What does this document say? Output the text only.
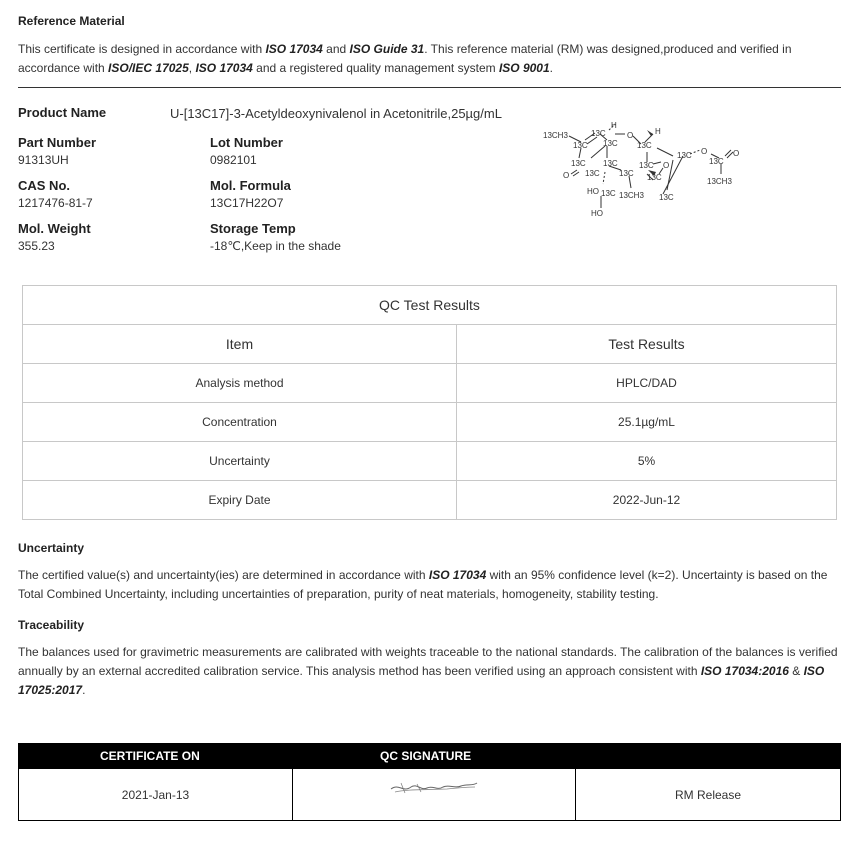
Reference Material
This certificate is designed in accordance with ISO 17034 and ISO Guide 31. This reference material (RM) was designed,produced and verified in
accordance with ISO/IEC 17025, ISO 17034 and a registered quality management system ISO 9001.
Product Name	U-[13C17]-3-Acetyldeoxynivalenol in Acetonitrile,25µg/mL
Part Number
91313UH
Lot Number
0982101
CAS No.
1217476-81-7
Mol. Formula
13C17H22O7
Mol. Weight
355.23
Storage Temp
-18℃,Keep in the shade
13CH3
13C
13C
H
O
13C
H
13C
13C
13C
13C
13C
13C O
13C
HO	13CH3
13C	13C
HO
O
13C O
13C
O
13CH3
QC Test Results	
Item	Test Results
Analysis method	HPLC/DAD
Concentration	25.1µg/mL
Uncertainty	5%
Expiry Date	2022-Jun-12
Uncertainty
The certified value(s) and uncertainty(ies) are determined in accordance with ISO 17034 with an 95% confidence level (k=2). Uncertainty is based on the
Total Combined Uncertainty, including uncertainties of preparation, purity of neat materials, homogeneity, stability testing.
Traceability
The balances used for gravimetric measurements are calibrated with weights traceable to the national standards. The calibration of the balances is verified
annually by an external accredited calibration service. This analysis method has been verified using an approach consistent with ISO 17034:2016 & ISO
17025:2017.
CERTIFICATE ON	QC SIGNATURE
2021-Jan-13		RM Release
